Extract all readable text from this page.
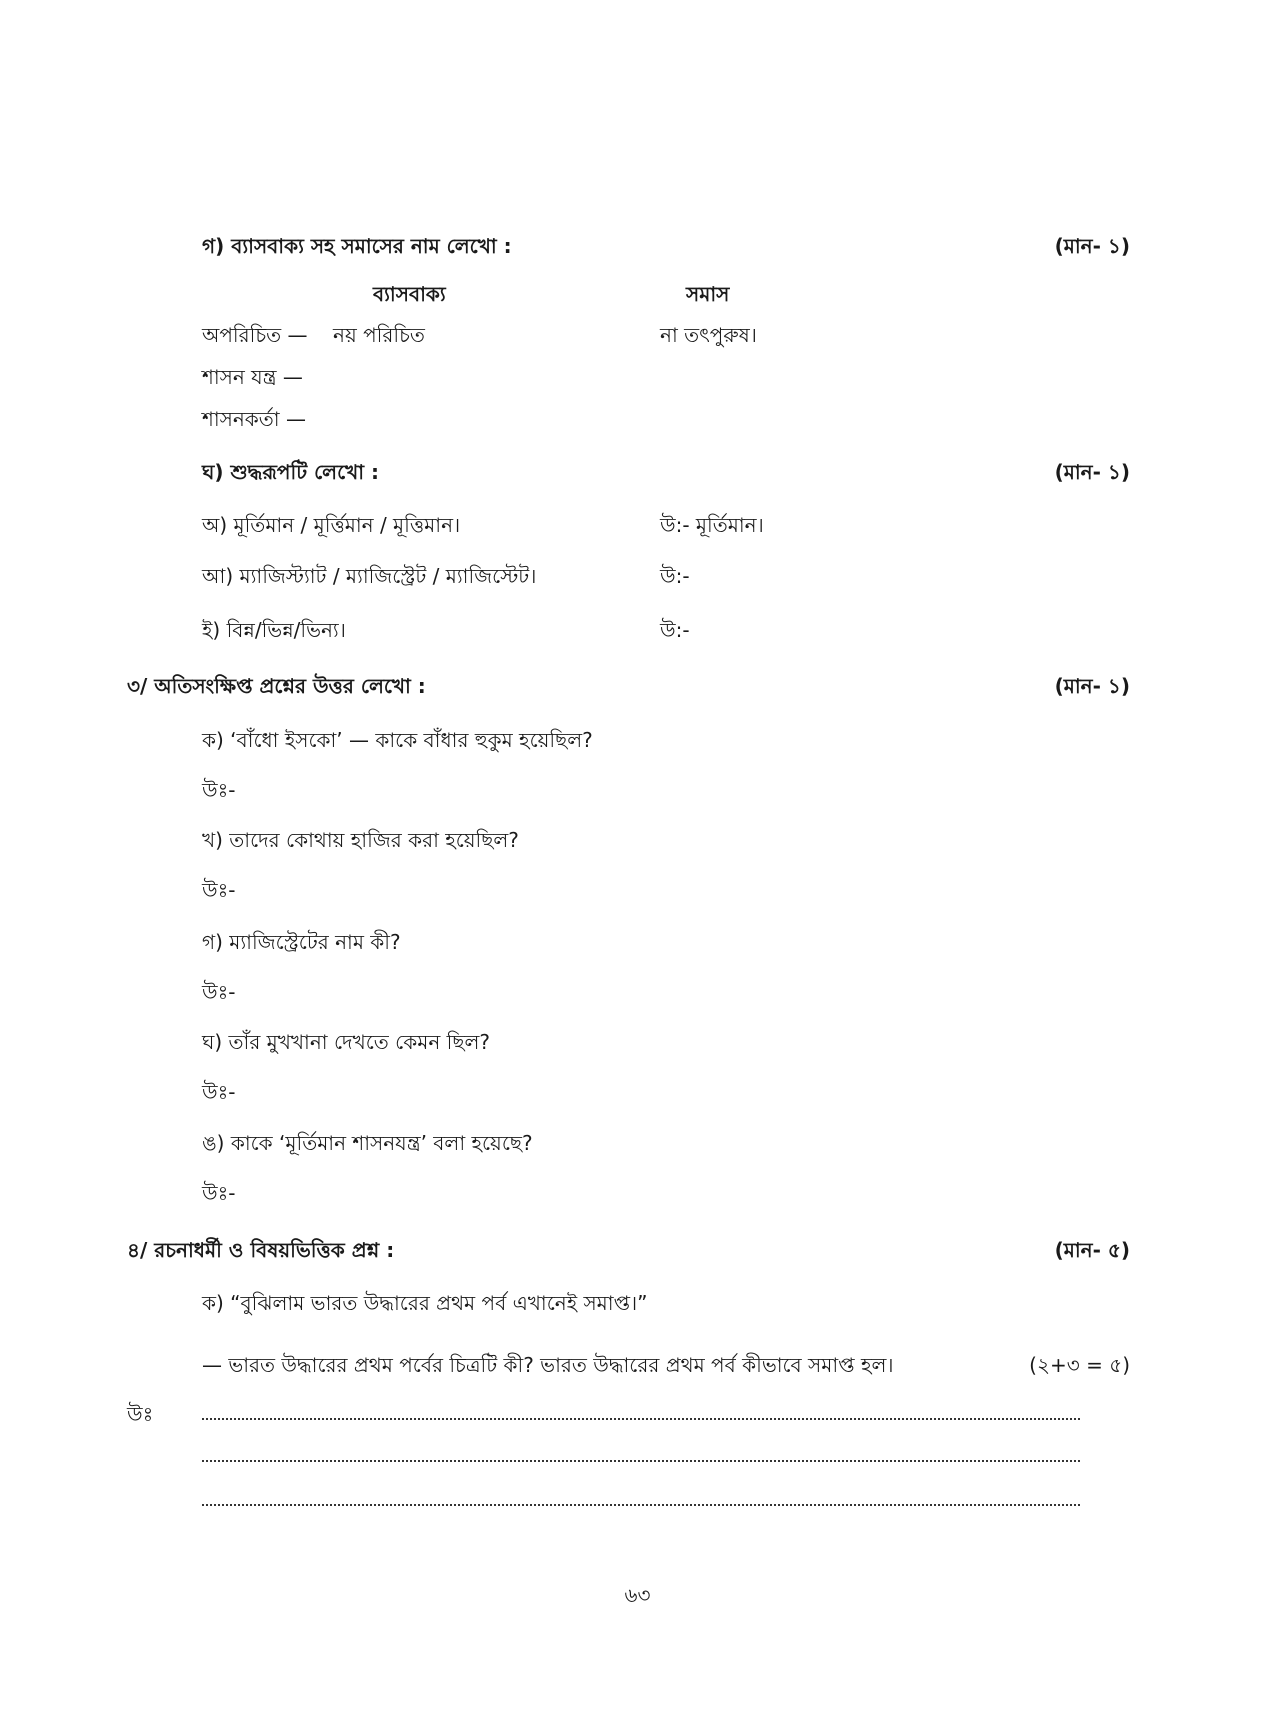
গ) ব্যাসবাক্য সহ সমাসের নাম লেখো :	(মান- ১)
ব্যাসবাক্য	সমাস
অপরিচিত — নয় পরিচিত	না তৎপুরুষ।
শাসন যন্ত্র —
শাসনকর্তা —
ঘ) শুদ্ধরূপটি লেখো :	(মান- ১)
অ) মূর্তিমান / মূর্ত্তিমান / মূত্তিমান।	উ:- মূর্তিমান।
আ) ম্যাজিস্ট্যাট / ম্যাজিস্ট্রেট / ম্যাজিস্টেট।	উ:-
ই) বিন্ন/ভিন্ন/ভিন্য।	উ:-
৩/ অতিসংক্ষিপ্ত প্রশ্নের উত্তর লেখো :	(মান- ১)
ক) ‘বাঁধো ইসকো’ — কাকে বাঁধার হুকুম হয়েছিল?
উঃ-
খ) তাদের কোথায় হাজির করা হয়েছিল?
উঃ-
গ) ম্যাজিস্ট্রেটের নাম কী?
উঃ-
ঘ) তাঁর মুখখানা দেখতে কেমন ছিল?
উঃ-
ঙ) কাকে ‘মূর্তিমান শাসনযন্ত্র’ বলা হয়েছে?
উঃ-
৪/ রচনাধর্মী ও বিষয়ভিত্তিক প্রশ্ন :	(মান- ৫)
ক) “বুঝিলাম ভারত উদ্ধারের প্রথম পর্ব এখানেই সমাপ্ত।”
— ভারত উদ্ধারের প্রথম পর্বের চিত্রটি কী? ভারত উদ্ধারের প্রথম পর্ব কীভাবে সমাপ্ত হল।	(২+৩ = ৫)
উঃ
৬৩
